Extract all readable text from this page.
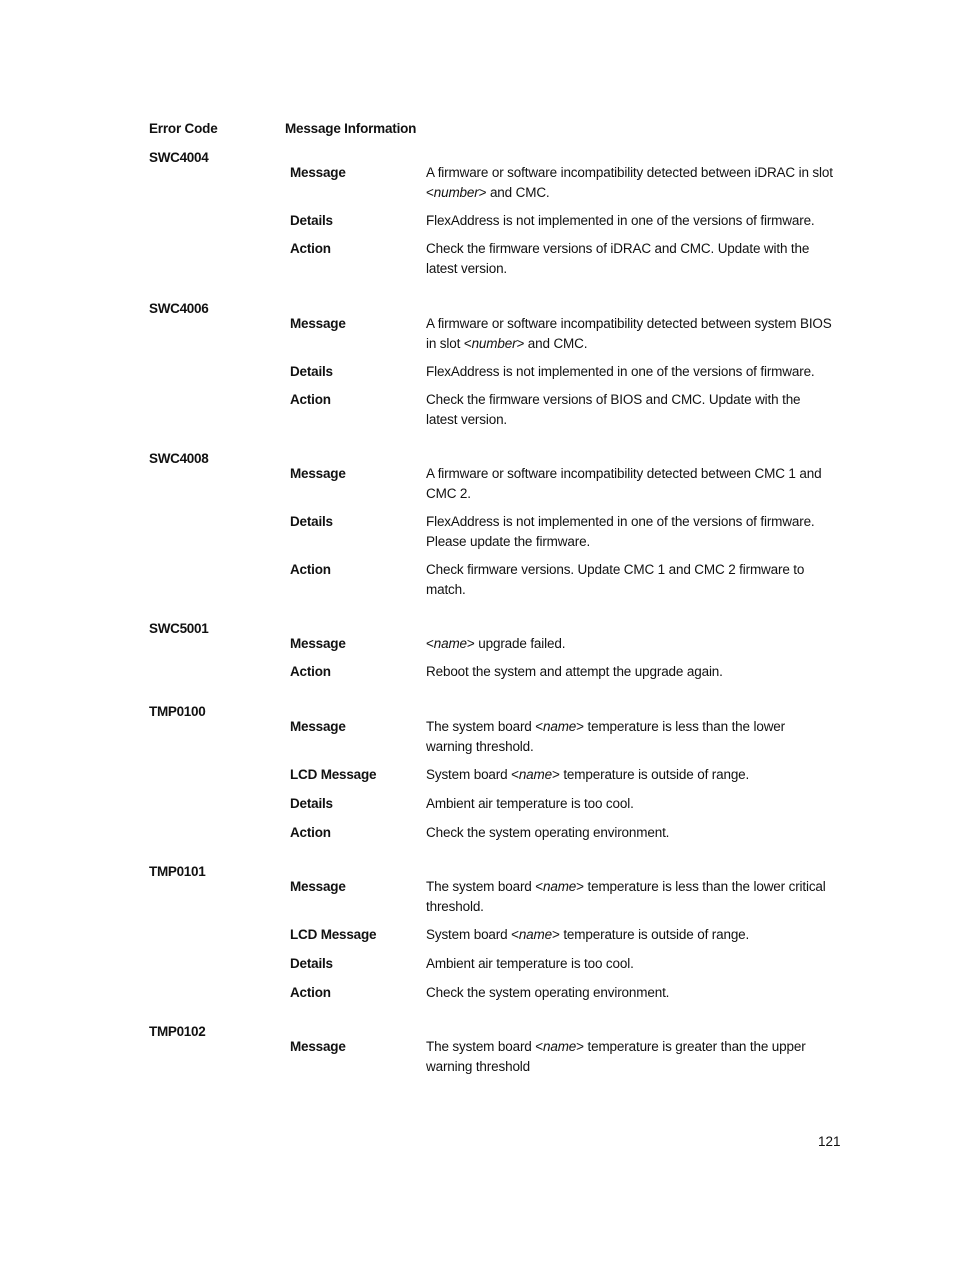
Error Code	Message Information
SWC4004
Message	A firmware or software incompatibility detected between iDRAC in slot <number> and CMC.
Details	FlexAddress is not implemented in one of the versions of firmware.
Action	Check the firmware versions of iDRAC and CMC. Update with the latest version.
SWC4006
Message	A firmware or software incompatibility detected between system BIOS in slot <number> and CMC.
Details	FlexAddress is not implemented in one of the versions of firmware.
Action	Check the firmware versions of BIOS and CMC. Update with the latest version.
SWC4008
Message	A firmware or software incompatibility detected between CMC 1 and CMC 2.
Details	FlexAddress is not implemented in one of the versions of firmware. Please update the firmware.
Action	Check firmware versions. Update CMC 1 and CMC 2 firmware to match.
SWC5001
Message	<name> upgrade failed.
Action	Reboot the system and attempt the upgrade again.
TMP0100
Message	The system board <name> temperature is less than the lower warning threshold.
LCD Message	System board <name> temperature is outside of range.
Details	Ambient air temperature is too cool.
Action	Check the system operating environment.
TMP0101
Message	The system board <name> temperature is less than the lower critical threshold.
LCD Message	System board <name> temperature is outside of range.
Details	Ambient air temperature is too cool.
Action	Check the system operating environment.
TMP0102
Message	The system board <name> temperature is greater than the upper warning threshold
121
